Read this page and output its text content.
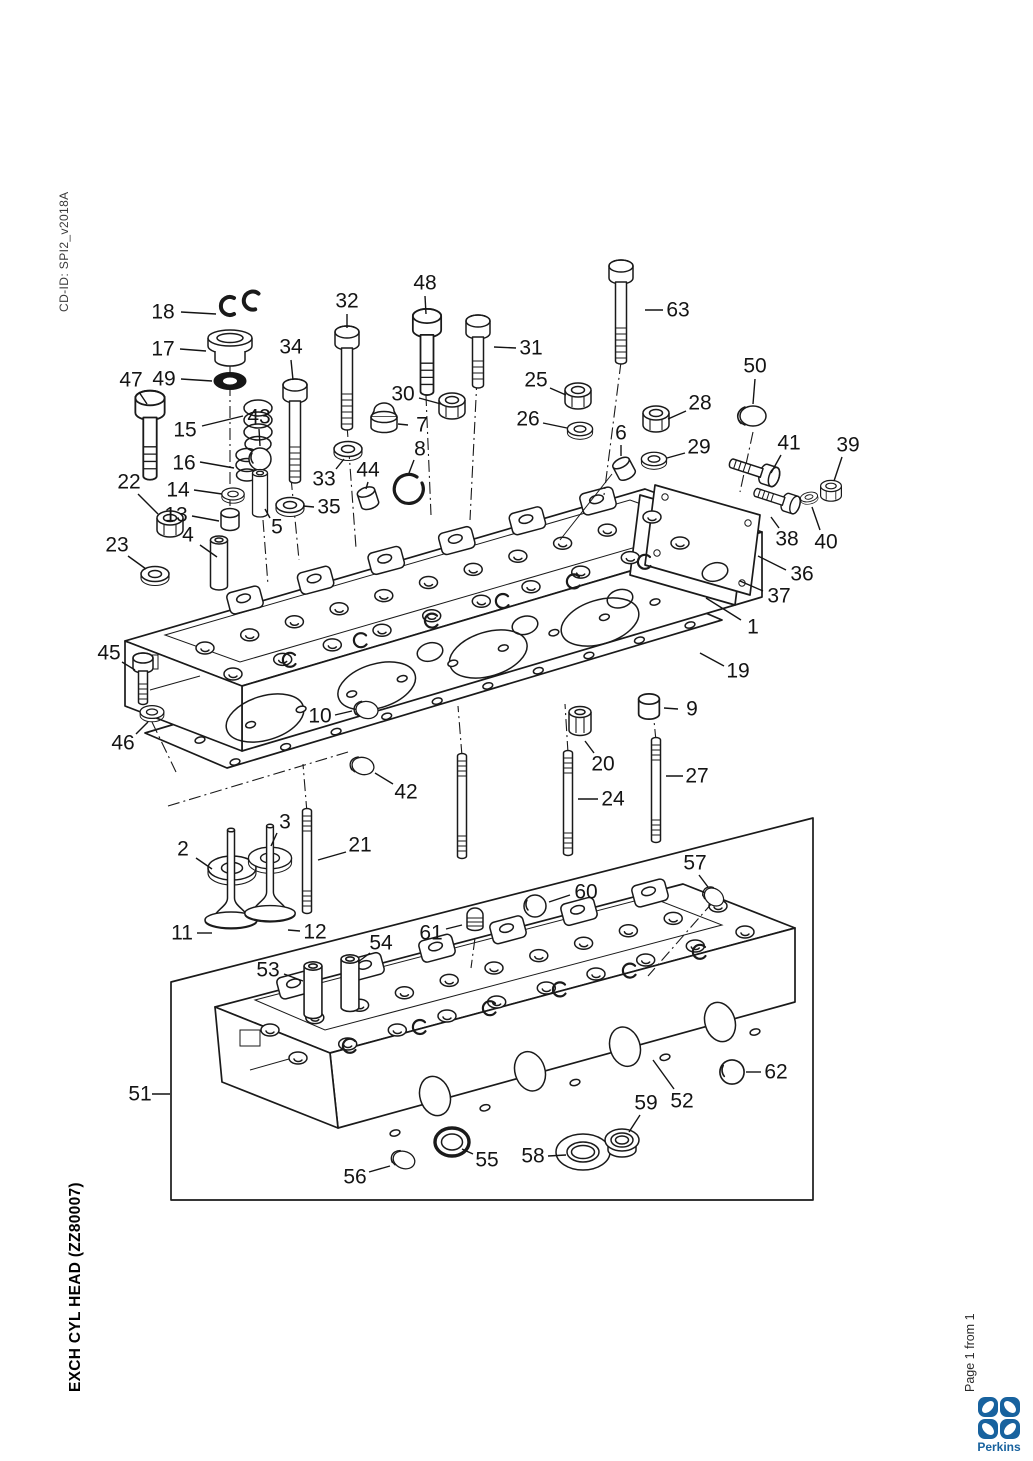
CD-ID: SPI2_v2018A
EXCH CYL HEAD (ZZ80007)	Page 1 from 1
1
2
3
4	5
6
7
8
9
10
11	12
13
14
15
16
17
18
19
20
21
22
23
24
25
26
27
28
29
30
31
32
33
34
35
36
37
38
39
40
41
42
43
44
45
46
47
48
49
50
51	52
53
54
55
56
57
58
59
60
61
62
63
Perkins
